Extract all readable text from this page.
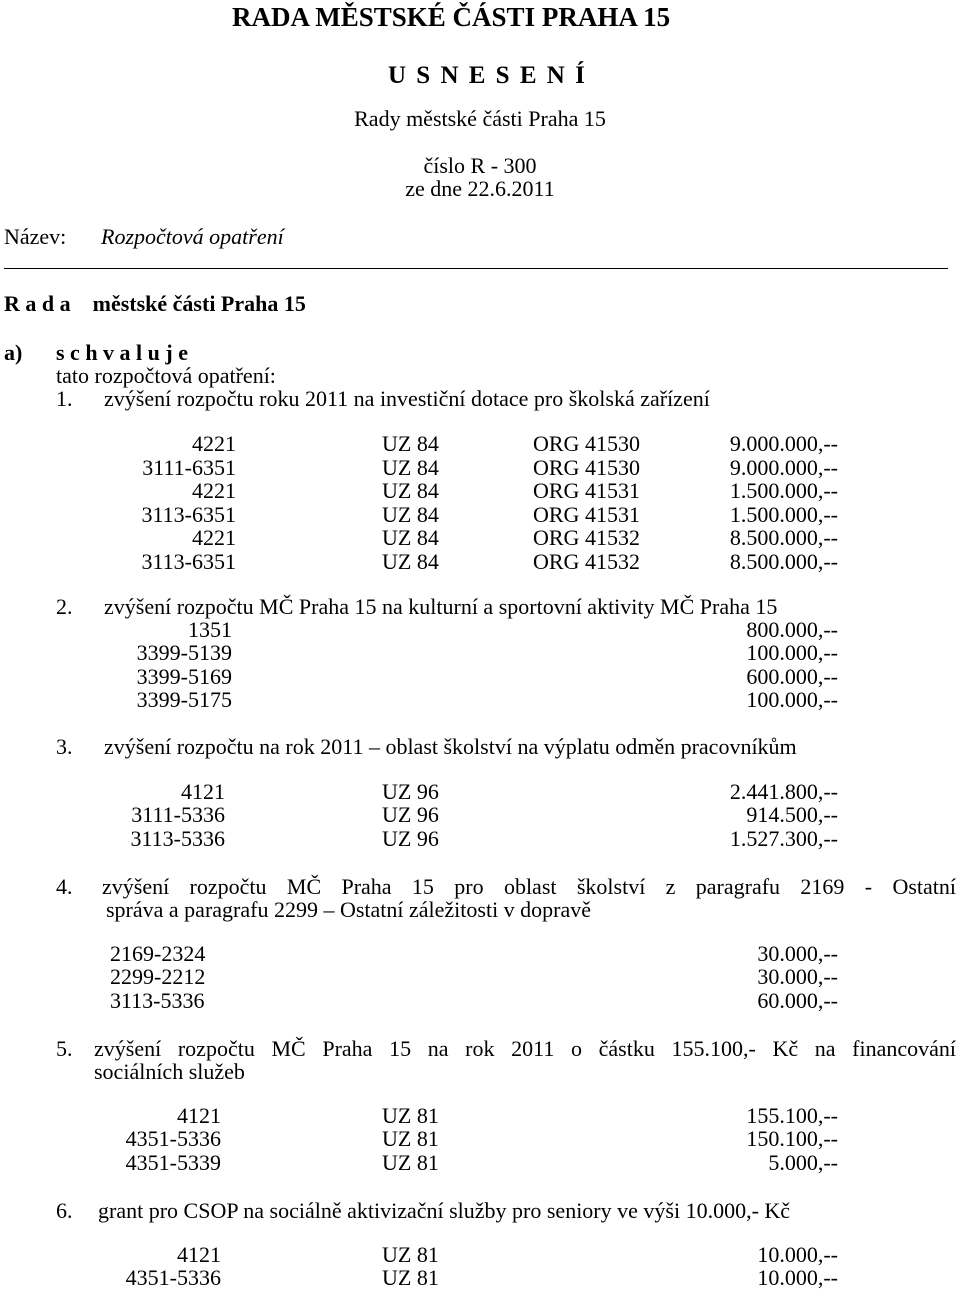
RADA MĚSTSKÉ ČÁSTI PRAHA 15
U S N E S E N Í
Rady městské části Praha 15
číslo R - 300
ze dne 22.6.2011
Název: Rozpočtová opatření
R a d a    městské části Praha 15
a) s c h v a l u j e
tato rozpočtová opatření:
1. zvýšení rozpočtu roku 2011 na investiční dotace pro školská zařízení
4221	UZ 84	ORG 41530	9.000.000,--
3111-6351	UZ 84	ORG 41530	9.000.000,--
4221	UZ 84	ORG 41531	1.500.000,--
3113-6351	UZ 84	ORG 41531	1.500.000,--
4221	UZ 84	ORG 41532	8.500.000,--
3113-6351	UZ 84	ORG 41532	8.500.000,--
2. zvýšení rozpočtu MČ Praha 15 na kulturní a sportovní aktivity MČ Praha 15
1351	800.000,--
3399-5139	100.000,--
3399-5169	600.000,--
3399-5175	100.000,--
3. zvýšení rozpočtu na rok 2011 – oblast školství na výplatu odměn pracovníkům
4121	UZ 96	2.441.800,--
3111-5336	UZ 96	914.500,--
3113-5336	UZ 96	1.527.300,--
4. zvýšení rozpočtu MČ Praha 15 pro oblast školství z paragrafu 2169 - Ostatní
správa a paragrafu 2299 – Ostatní záležitosti v dopravě
2169-2324	30.000,--
2299-2212	30.000,--
3113-5336	60.000,--
5. zvýšení rozpočtu MČ Praha 15 na rok 2011 o částku 155.100,- Kč na financování
sociálních služeb
4121	UZ 81	155.100,--
4351-5336	UZ 81	150.100,--
4351-5339	UZ 81	5.000,--
6. grant pro CSOP na sociálně aktivizační služby pro seniory ve výši 10.000,- Kč
4121	UZ 81	10.000,--
4351-5336	UZ 81	10.000,--
